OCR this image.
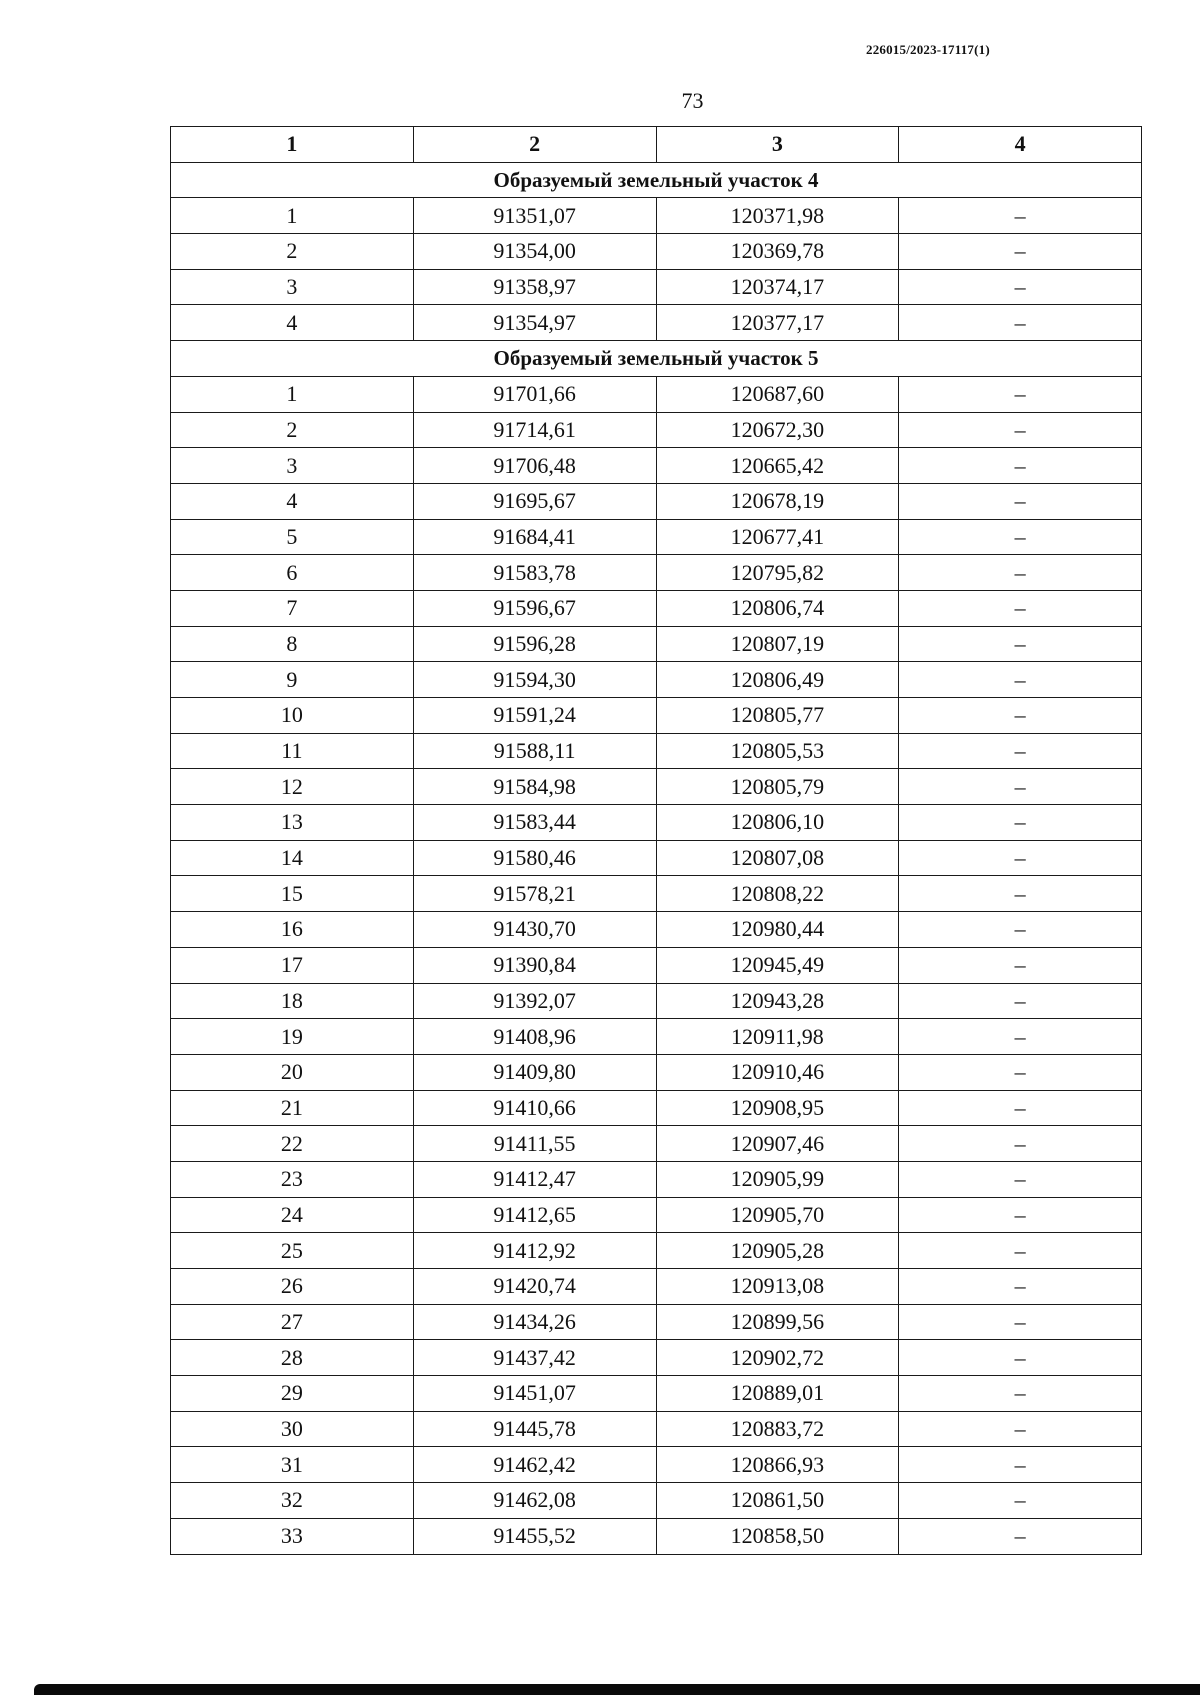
226015/2023-17117(1)
73
1	2	3	4
Образуемый земельный участок 4			
1	91351,07	120371,98	–
2	91354,00	120369,78	–
3	91358,97	120374,17	–
4	91354,97	120377,17	–
Образуемый земельный участок 5			
1	91701,66	120687,60	–
2	91714,61	120672,30	–
3	91706,48	120665,42	–
4	91695,67	120678,19	–
5	91684,41	120677,41	–
6	91583,78	120795,82	–
7	91596,67	120806,74	–
8	91596,28	120807,19	–
9	91594,30	120806,49	–
10	91591,24	120805,77	–
11	91588,11	120805,53	–
12	91584,98	120805,79	–
13	91583,44	120806,10	–
14	91580,46	120807,08	–
15	91578,21	120808,22	–
16	91430,70	120980,44	–
17	91390,84	120945,49	–
18	91392,07	120943,28	–
19	91408,96	120911,98	–
20	91409,80	120910,46	–
21	91410,66	120908,95	–
22	91411,55	120907,46	–
23	91412,47	120905,99	–
24	91412,65	120905,70	–
25	91412,92	120905,28	–
26	91420,74	120913,08	–
27	91434,26	120899,56	–
28	91437,42	120902,72	–
29	91451,07	120889,01	–
30	91445,78	120883,72	–
31	91462,42	120866,93	–
32	91462,08	120861,50	–
33	91455,52	120858,50	–
